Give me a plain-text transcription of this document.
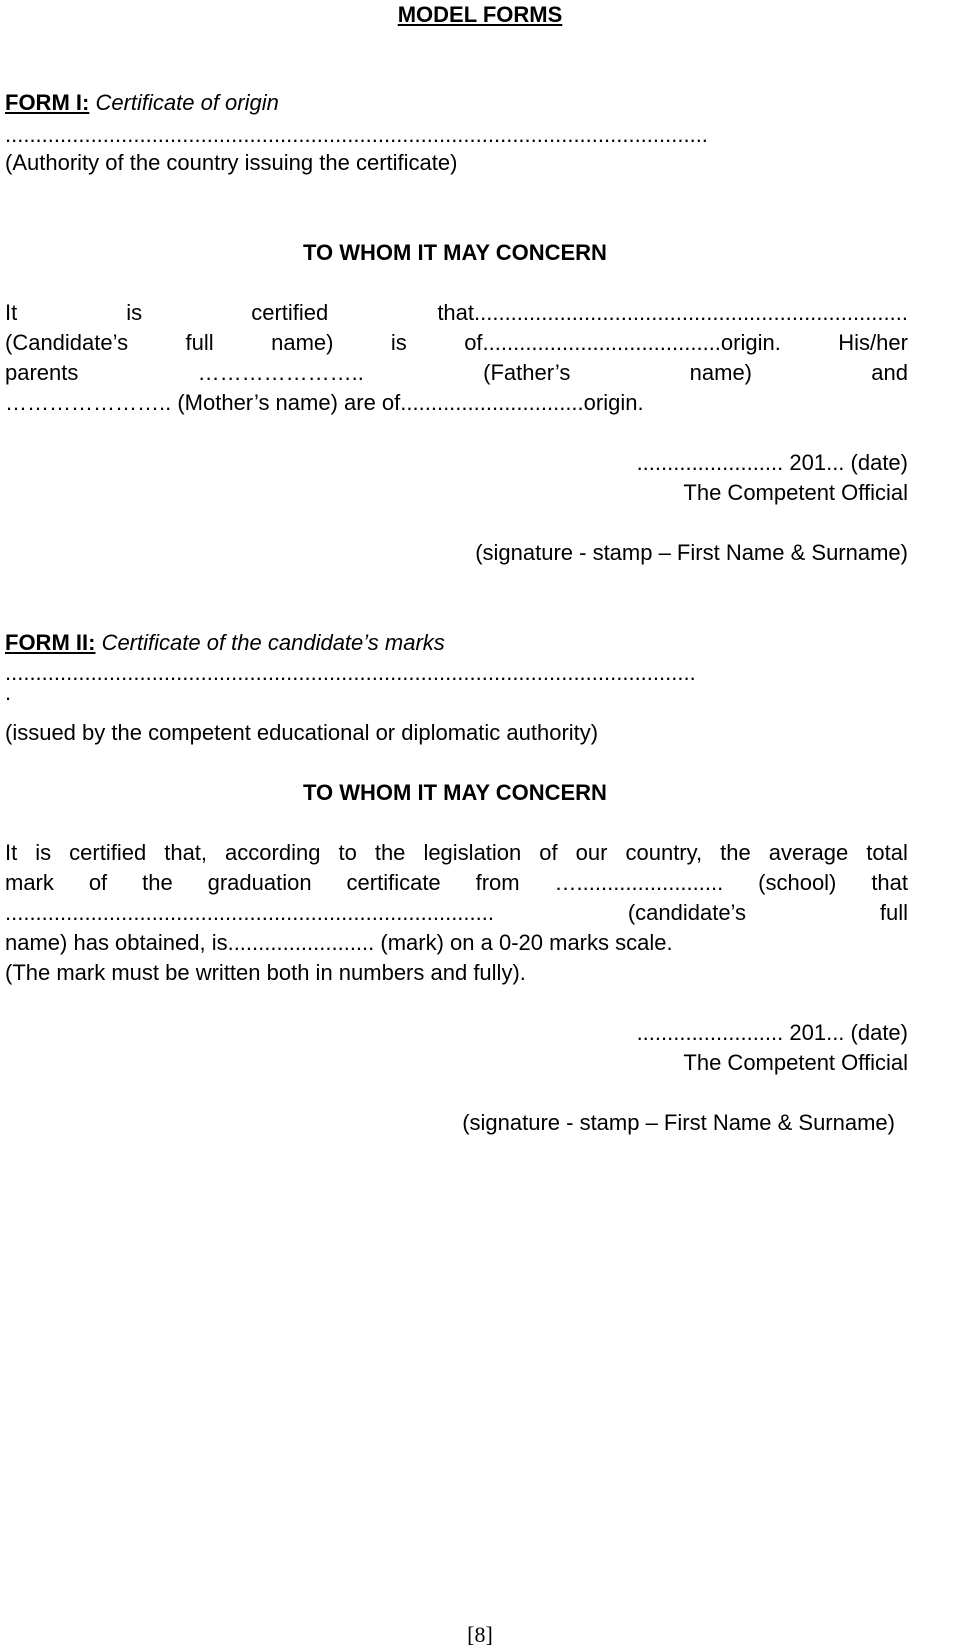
MODEL FORMS
FORM I: Certificate of origin
...................................................................................................................
(Authority of the country issuing the certificate)
TO WHOM IT MAY CONCERN
It	is	certified	that.......................................................................
(Candidate’s	full	name)	is	of.......................................origin.	His/her
parents	…………………..	(Father’s	name)	and
………………….. (Mother’s name) are of..............................origin.
........................ 201... (date)
The Competent Official
(signature - stamp – First Name & Surname)
FORM II: Certificate of the candidate’s marks
.................................................................................................................
.
(issued by the competent educational or diplomatic authority)
TO WHOM IT MAY CONCERN
It is certified that, according to the legislation of our country, the average total
mark of the graduation certificate from …........................ (school) that
................................................................................	(candidate’s	full
name) has obtained, is........................ (mark) on a 0-20 marks scale.
(The mark must be written both in numbers and fully).
........................ 201... (date)
The Competent Official
(signature - stamp – First Name & Surname)
[8]
